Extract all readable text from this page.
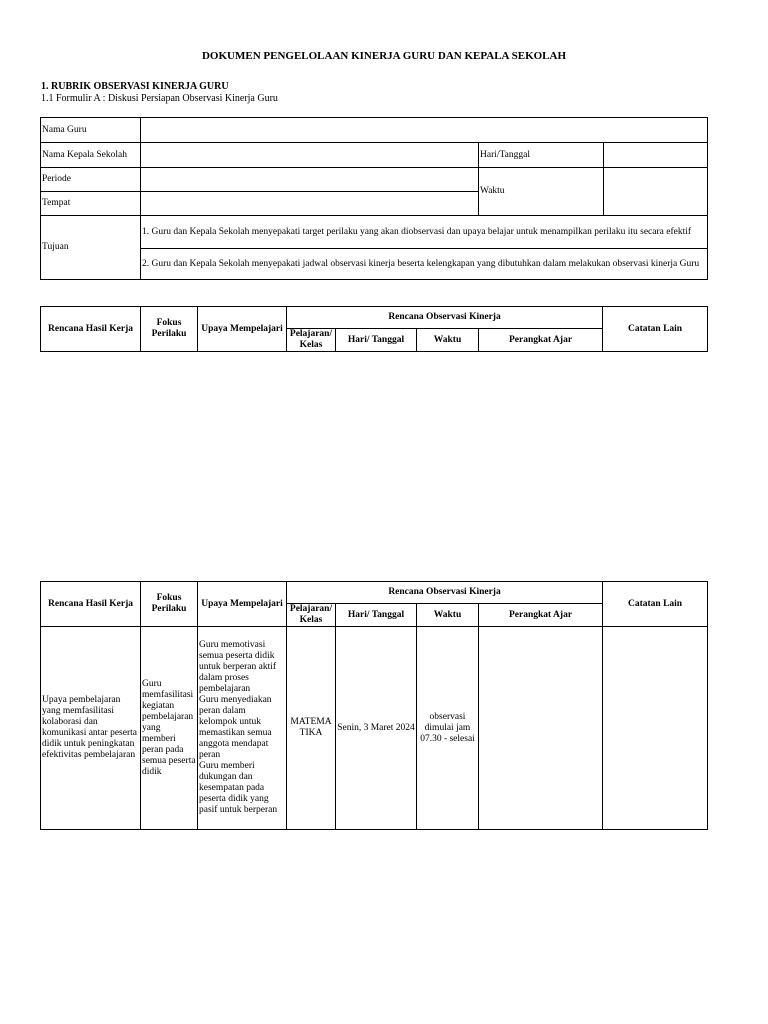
DOKUMEN PENGELOLAAN KINERJA GURU DAN KEPALA SEKOLAH
1. RUBRIK OBSERVASI KINERJA GURU
1.1 Formulir A : Diskusi Persiapan Observasi Kinerja Guru
Nama Guru			
Nama Kepala Sekolah		Hari/Tanggal	
Periode		Waktu	
Tempat			
Tujuan	1. Guru dan Kepala Sekolah menyepakati target perilaku yang akan diobservasi dan upaya belajar untuk menampilkan perilaku itu secara efektif		
	2. Guru dan Kepala Sekolah menyepakati jadwal observasi kinerja beserta kelengkapan yang dibutuhkan dalam melakukan observasi kinerja Guru		
Rencana Hasil Kerja	Fokus Perilaku	Upaya Mempelajari	Rencana Observasi Kinerja				Catatan Lain
			Pelajaran/ Kelas	Hari/ Tanggal	Waktu	Perangkat Ajar	
Rencana Hasil Kerja	Fokus Perilaku	Upaya Mempelajari	Rencana Observasi Kinerja				Catatan Lain
			Pelajaran/ Kelas	Hari/ Tanggal	Waktu	Perangkat Ajar	
Upaya pembelajaran yang memfasilitasi kolaborasi dan komunikasi antar peserta didik untuk peningkatan efektivitas pembelajaran	Guru memfasilitasi kegiatan pembelajaran yang memberi peran pada semua peserta didik	Guru memotivasi semua peserta didik untuk berperan aktif dalam proses pembelajaran
Guru menyediakan peran dalam kelompok untuk memastikan semua anggota mendapat peran
Guru memberi dukungan dan kesempatan pada peserta didik yang pasif untuk berperan	MATEMA TIKA	Senin, 3 Maret 2024	observasi dimulai jam 07.30 - selesai		
